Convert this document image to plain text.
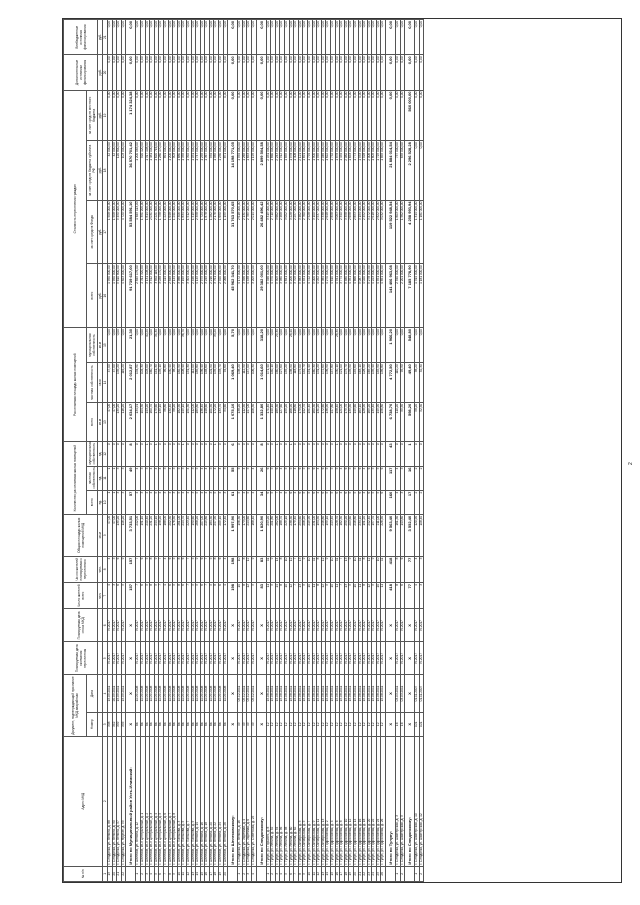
№ п/п	Адрес МКД	Документ, подтверждающий признание МКД аварийным		Планируемая дата окончания переселения	Планируемая дата сноса МКД	Число жителей всего	Число жителей планируемых к переселению	Общая площадь жилых помещений МКД	Количество расселяемых жилых помещений			Расселяемая площадь жилых помещений			Стоимость переселения граждан				Дополнительные источники финансирования	Внебюджетные источники финансирования
		Номер	Дата						всего	частная собственность	муниципальная собственность	всего	частная собственность	муниципальная собственность	всего	за счет средств Фонда	за счет средств бюджета субъекта РФ	за счет средств местного бюджета		
						чел.	чел.	кв.м	ед.	ед.	ед.	кв.м	кв.м	кв.м	руб.	руб.	руб.	руб.	руб.	руб.
1	2	3	4	5	6	7	8	9	10	11	12	13	14	15	16	17	18	19	20	21
19	г. Слюдянка, ул. Ленина, д. 88	338	19.09.2011	IV.2017	IV.2017	4	4	47,00	1	1	0	47,00	47,00	0,00	1 950 000,00	1 908 000,00	42 000,00	0,00	0,00	0,00
20	г. Слюдянка, ул. Ленина, д. 90	342	20.09.2011	IV.2017	IV.2017	3	3	47,00	1	1	0	47,00	47,00	0,00	1 950 000,00	1 908 000,00	42 000,00	0,00	0,00	0,00
21	г. Слюдянка, ул. Ленина, д. 57	339	19.09.2011	IV.2017	IV.2017	6	6	135,20	3	3	0	135,20	135,20	0,00	5 610 800,00	5 490 000,00	120 800,00	0,00	0,00	0,00
22	г. Слюдянка, ул. Фрунзе, д. 55	335	19.09.2011	IV.2017	IV.2017	9	9	116,20	3	3	0	116,20	116,20	0,00	4 823 000,00	4 720 000,00	103 000,00	0,00	0,00	0,00
	Итого по Муниципальный район Усть-Илимский:	X	X	X	X	157	157	3 733,51	57	49	8	2 034,17	2 012,87	21,30	91 739 617,00	53 584 591,10	36 570 701,42	1 174 324,38	0,00	0,00
1	г. Шелехов, ул. Ленина, д. 12	8а	11.09.2008	IV.2017	IV.2017	7	7	212,00	4	4	0	134,91	134,91	0,00	2 845 176,00	1 645 113,00	1 200 063,00	0,00	0,00	0,00
2	г. Шелехов, кв-л Центральный, д. 1	8а	11.09.2008	IV.2017	IV.2017	6	6	191,10	3	3	0	104,30	104,30	0,00	2 311 320,00	1 391 200,00	920 120,00	0,00	0,00	0,00
3	г. Шелехов, кв-л Центральный, д. 2	8а	11.09.2008	IV.2017	IV.2017	5	5	210,40	4	3	1	143,20	103,00	40,20	3 131 108,00	1 814 000,00	1 317 108,00	0,00	0,00	0,00
4	г. Шелехов, кв-л Центральный, д. 3	8а	11.09.2008	IV.2017	IV.2017	8	8	231,20	4	4	0	160,70	160,70	0,00	3 512 000,00	2 031 000,00	1 481 000,00	0,00	0,00	0,00
5	г. Шелехов, кв-л Центральный, д. 4	8а	11.09.2008	IV.2017	IV.2017	9	9	244,10	5	4	1	175,60	141,30	34,30	3 842 116,00	2 221 400,00	1 620 716,00	0,00	0,00	0,00
6	г. Шелехов, кв-л Центральный, д. 5	8а	11.09.2008	IV.2017	IV.2017	7	7	198,20	4	4	0	139,10	139,10	0,00	3 038 170,00	1 758 000,00	1 280 170,00	0,00	0,00	0,00
7	г. Шелехов, кв-л Центральный, д. 6	8а	11.09.2008	IV.2017	IV.2017	4	4	188,00	3	3	0	96,80	96,80	0,00	2 114 000,00	1 223 000,00	891 000,00	0,00	0,00	0,00
8	г. Шелехов, кв-л Центральный, д. 7	8а	11.09.2008	IV.2017	IV.2017	6	6	202,30	4	4	0	130,40	130,40	0,00	2 848 000,00	1 648 000,00	1 200 000,00	0,00	0,00	0,00
9	г. Шелехов, кв-л Центральный, д. 8	8а	11.09.2008	IV.2017	IV.2017	5	5	176,50	3	3	0	98,20	98,20	0,00	2 144 000,00	1 241 000,00	903 000,00	0,00	0,00	0,00
10	г. Шелехов, ул. Панькова, д. 3	8а	11.09.2008	IV.2017	IV.2017	8	8	261,00	5	5	0	182,50	182,50	0,00	3 986 000,00	2 306 000,00	1 680 000,00	0,00	0,00	0,00
11	г. Шелехов, ул. Панькова, д. 5	8а	11.09.2008	IV.2017	IV.2017	6	6	214,70	4	3	1	145,10	108,40	36,70	3 169 000,00	1 834 000,00	1 335 000,00	0,00	0,00	0,00
12	г. Шелехов, ул. Панькова, д. 7	8а	11.09.2008	IV.2017	IV.2017	7	7	223,40	4	4	0	151,30	151,30	0,00	3 304 000,00	1 912 000,00	1 392 000,00	0,00	0,00	0,00
13	г. Шелехов, ул. Панькова, д. 9	8а	11.09.2008	IV.2017	IV.2017	5	5	190,60	3	3	0	112,00	112,00	0,00	2 446 000,00	1 415 000,00	1 031 000,00	0,00	0,00	0,00
14	г. Шелехов, ул. Ленина, д. 14	8а	11.09.2008	IV.2017	IV.2017	9	9	268,20	5	5	0	189,80	189,80	0,00	4 145 000,00	2 398 000,00	1 747 000,00	0,00	0,00	0,00
15	г. Шелехов, ул. Ленина, д. 16	8а	11.09.2008	IV.2017	IV.2017	6	6	207,00	4	4	0	136,40	136,40	0,00	2 979 000,00	1 724 000,00	1 255 000,00	0,00	0,00	0,00
16	г. Шелехов, ул. Ленина, д. 18	8а	11.09.2008	IV.2017	IV.2017	7	7	219,80	4	4	0	148,60	148,60	0,00	3 245 000,00	1 878 000,00	1 367 000,00	0,00	0,00	0,00
17	г. Шелехов, ул. Ленина, д. 20	8а	11.09.2008	IV.2017	IV.2017	5	5	184,30	3	3	0	101,50	101,50	0,00	2 216 000,00	1 282 000,00	934 000,00	0,00	0,00	0,00
18	г. Шелехов, ул. Ленина, д. 22	8а	11.09.2008	IV.2017	IV.2017	8	8	247,90	5	4	1	172,20	139,00	33,20	3 761 000,00	2 176 000,00	1 585 000,00	0,00	0,00	0,00
19	г. Шелехов, ул. Ленина, д. 24	8а	11.09.2008	IV.2017	IV.2017	6	6	205,10	4	4	0	133,70	133,70	0,00	2 920 000,00	1 690 000,00	1 230 000,00	0,00	0,00	0,00
20	г. Шелехов, ул. Ленина, д. 26	8а	11.09.2008	IV.2017	IV.2017	4	4	172,40	3	3	0	94,60	94,60	0,00	2 066 000,00	1 195 000,00	871 000,00	0,00	0,00	0,00
	Итого по Шелеховскому:	X	X	X	X	198	198	1 997,90	61	55	6	1 075,10	1 069,40	5,70	45 962 341,70	31 763 570,65	14 198 771,05	0,00	0,00	0,00
1	г. Слюдянка, ул. Ленина, д. 16	49	05.12.2011	IV.2017	IV.2017	10	10	196,30	5	5	0	138,20	138,20	0,00	4 172 000,00	2 618 000,00	1 554 000,00	0,00	0,00	0,00
2	г. Слюдянка, ул. Заречная, д. 4	49	05.12.2011	IV.2017	IV.2017	8	8	173,00	4	4	0	112,50	112,50	0,00	3 396 000,00	2 131 000,00	1 265 000,00	0,00	0,00	0,00
3	г. Слюдянка, ул. Заречная, д. 6	49	05.12.2011	IV.2017	IV.2017	12	12	214,60	5	5	0	147,00	147,00	0,00	4 438 000,00	2 785 000,00	1 653 000,00	0,00	0,00	0,00
4	г. Слюдянка, ул. Советская, д. 25	49	05.12.2011	IV.2017	IV.2017	9	9	168,40	4	4	0	106,30	106,30	0,00	3 209 000,00	2 014 000,00	1 195 000,00	0,00	0,00	0,00
	Итого по Слюдянскому:	X	X	X	X	83	83	1 820,90	34	26	8	1 332,80	1 014,60	318,20	29 382 001,00	26 482 496,42	2 899 504,58	0,00	0,00	0,00
1	г. Тулун, ул. Горького, д. 8	12	15.08.2011	IV.2017	IV.2017	11	11	243,20	6	6	0	171,40	171,40	0,00	5 346 000,00	3 315 000,00	2 031 000,00	0,00	0,00	0,00
2	г. Тулун, ул. Ленина, д. 52	12	15.08.2011	IV.2017	IV.2017	9	9	201,80	5	5	0	140,10	140,10	0,00	4 370 000,00	2 710 000,00	1 660 000,00	0,00	0,00	0,00
3	г. Тулун, ул. Ленина, д. 54	12	15.08.2011	IV.2017	IV.2017	14	14	262,00	7	6	1	189,30	160,00	29,30	5 905 000,00	3 662 000,00	2 243 000,00	0,00	0,00	0,00
4	г. Тулун, ул. Ленина, д. 56	12	15.08.2011	IV.2017	IV.2017	8	8	188,70	4	4	0	127,60	127,60	0,00	3 980 000,00	2 468 000,00	1 512 000,00	0,00	0,00	0,00
5	г. Тулун, ул. Ленина, д. 58	12	15.08.2011	IV.2017	IV.2017	10	10	225,10	5	5	0	155,20	155,20	0,00	4 841 000,00	3 002 000,00	1 839 000,00	0,00	0,00	0,00
6	г. Тулун, ул. Ленина, д. 60	12	15.08.2011	IV.2017	IV.2017	12	12	238,30	6	5	1	166,90	138,50	28,40	5 206 000,00	3 228 000,00	1 978 000,00	0,00	0,00	0,00
7	г. Тулун, ул. Ленина, д. 62	12	15.08.2011	IV.2017	IV.2017	7	7	179,40	4	4	0	118,80	118,80	0,00	3 705 000,00	2 297 000,00	1 408 000,00	0,00	0,00	0,00
8	г. Тулун, ул. Октябрьская, д. 3	12	15.08.2011	IV.2017	IV.2017	13	13	254,60	6	6	0	179,00	179,00	0,00	5 583 000,00	3 462 000,00	2 121 000,00	0,00	0,00	0,00
9	г. Тулун, ул. Октябрьская, д. 5	12	15.08.2011	IV.2017	IV.2017	9	9	206,20	5	5	0	142,70	142,70	0,00	4 451 000,00	2 760 000,00	1 691 000,00	0,00	0,00	0,00
10	г. Тулун, ул. Октябрьская, д. 7	12	15.08.2011	IV.2017	IV.2017	10	10	219,90	5	5	0	151,40	151,40	0,00	4 722 000,00	2 928 000,00	1 794 000,00	0,00	0,00	0,00
11	г. Тулун, ул. Октябрьская, д. 9	12	15.08.2011	IV.2017	IV.2017	11	11	231,00	6	6	0	160,30	160,30	0,00	5 000 000,00	3 100 000,00	1 900 000,00	0,00	0,00	0,00
12	г. Тулун, ул. Октябрьская, д. 11	12	15.08.2011	IV.2017	IV.2017	8	8	194,50	4	4	0	131,20	131,20	0,00	4 092 000,00	2 537 000,00	1 555 000,00	0,00	0,00	0,00
13	г. Тулун, ул. Октябрьская, д. 13	12	15.08.2011	IV.2017	IV.2017	12	12	246,80	6	6	0	172,60	172,60	0,00	5 384 000,00	3 338 000,00	2 046 000,00	0,00	0,00	0,00
14	г. Тулун, ул. Гидролизная, д. 2	12	15.08.2011	IV.2017	IV.2017	9	9	199,10	5	5	0	136,90	136,90	0,00	4 270 000,00	2 648 000,00	1 622 000,00	0,00	0,00	0,00
15	г. Тулун, ул. Гидролизная, д. 4	12	15.08.2011	IV.2017	IV.2017	10	10	213,40	5	5	0	147,80	147,80	0,00	4 610 000,00	2 858 000,00	1 752 000,00	0,00	0,00	0,00
16	г. Тулун, ул. Гидролизная, д. 6	12	15.08.2011	IV.2017	IV.2017	11	11	228,70	6	5	1	158,40	130,10	28,30	4 941 000,00	3 063 000,00	1 878 000,00	0,00	0,00	0,00
17	г. Тулун, ул. Гидролизная, д. 8	12	15.08.2011	IV.2017	IV.2017	7	7	182,30	4	4	0	121,00	121,00	0,00	3 774 000,00	2 340 000,00	1 434 000,00	0,00	0,00	0,00
18	г. Тулун, ул. Гидролизная, д. 10	12	15.08.2011	IV.2017	IV.2017	13	13	250,20	6	6	0	175,70	175,70	0,00	5 480 000,00	3 398 000,00	2 082 000,00	0,00	0,00	0,00
19	г. Тулун, ул. Гидролизная, д. 12	12	15.08.2011	IV.2017	IV.2017	9	9	203,60	5	5	0	139,50	139,50	0,00	4 351 000,00	2 698 000,00	1 653 000,00	0,00	0,00	0,00
20	г. Тулун, ул. Гидролизная, д. 14	12	15.08.2011	IV.2017	IV.2017	10	10	216,80	5	5	0	149,60	149,60	0,00	4 666 000,00	2 893 000,00	1 773 000,00	0,00	0,00	0,00
21	г. Тулун, ул. Гидролизная, д. 16	12	15.08.2011	IV.2017	IV.2017	11	11	234,10	6	6	0	163,10	163,10	0,00	5 087 000,00	3 154 000,00	1 933 000,00	0,00	0,00	0,00
22	г. Тулун, ул. Гидролизная, д. 18	12	15.08.2011	IV.2017	IV.2017	8	8	191,20	4	4	0	128,90	128,90	0,00	4 020 000,00	2 492 000,00	1 528 000,00	0,00	0,00	0,00
23	г. Тулун, ул. Гидролизная, д. 20	12	15.08.2011	IV.2017	IV.2017	12	12	242,40	6	6	0	169,20	169,20	0,00	5 278 000,00	3 272 000,00	2 006 000,00	0,00	0,00	0,00
24	г. Тулун, ул. Гидролизная, д. 22	12	15.08.2011	IV.2017	IV.2017	9	9	197,70	5	5	0	135,40	135,40	0,00	4 223 000,00	2 618 000,00	1 605 000,00	0,00	0,00	0,00
25	г. Тулун, ул. Гидролизная, д. 24	12	15.08.2011	IV.2017	IV.2017	10	10	211,00	5	5	0	145,90	145,90	0,00	4 551 000,00	2 822 000,00	1 729 000,00	0,00	0,00	0,00
26	г. Тулун, ул. Гидролизная, д. 26	12	15.08.2011	IV.2017	IV.2017	11	11	226,50	6	6	0	156,80	156,80	0,00	4 891 000,00	3 032 000,00	1 859 000,00	0,00	0,00	0,00
	Итого по Тулуну:	X	X	X	X	418	418	9 563,40	160	117	43	6 738,70	4 772,50	1 966,20	141 406 963,08	119 522 948,54	21 884 014,54	0,00	0,00	0,00
1	г. Слюдянка, ул. Шахтерская, д. 3	16	03.03.2011	IV.2017	IV.2017	8	8	161,30	4	4	0	110,20	110,20	0,00	2 540 000,00	1 803 000,00	737 000,00	0,00	0,00	0,00
2	г. Слюдянка, ул. Шахтерская, д. 5	16	03.03.2011	IV.2017	IV.2017	6	6	143,80	3	3	0	95,50	95,50	0,00	2 201 000,00	1 562 000,00	639 000,00	0,00	0,00	0,00
	Итого по Слюдянскому:	X	X	X	X	77	77	3 552,40	17	16	1	598,20	49,40	548,80	7 185 778,90	4 258 993,94	2 296 528,28	560 000,00	0,00	0,00
1	г. Слюдянка, ул. Шахтерская, д. 10	101	01.11.2007	IV.2017	IV.2017	4	4	120,90	2	2	0	58,20	58,20	0,00	1 314 000,00	1 314 000,00	0,00	0,00	0,00	0,00
2	г. Слюдянка, ул. Шахтерская, д. 12	101	01.11.2007	IV.2017	IV.2017	3	3	108,40	2	2	0	52,30	52,30	0,00	1 181 000,00	1 181 000,00	0,00	0,00	0,00	0,00
2
